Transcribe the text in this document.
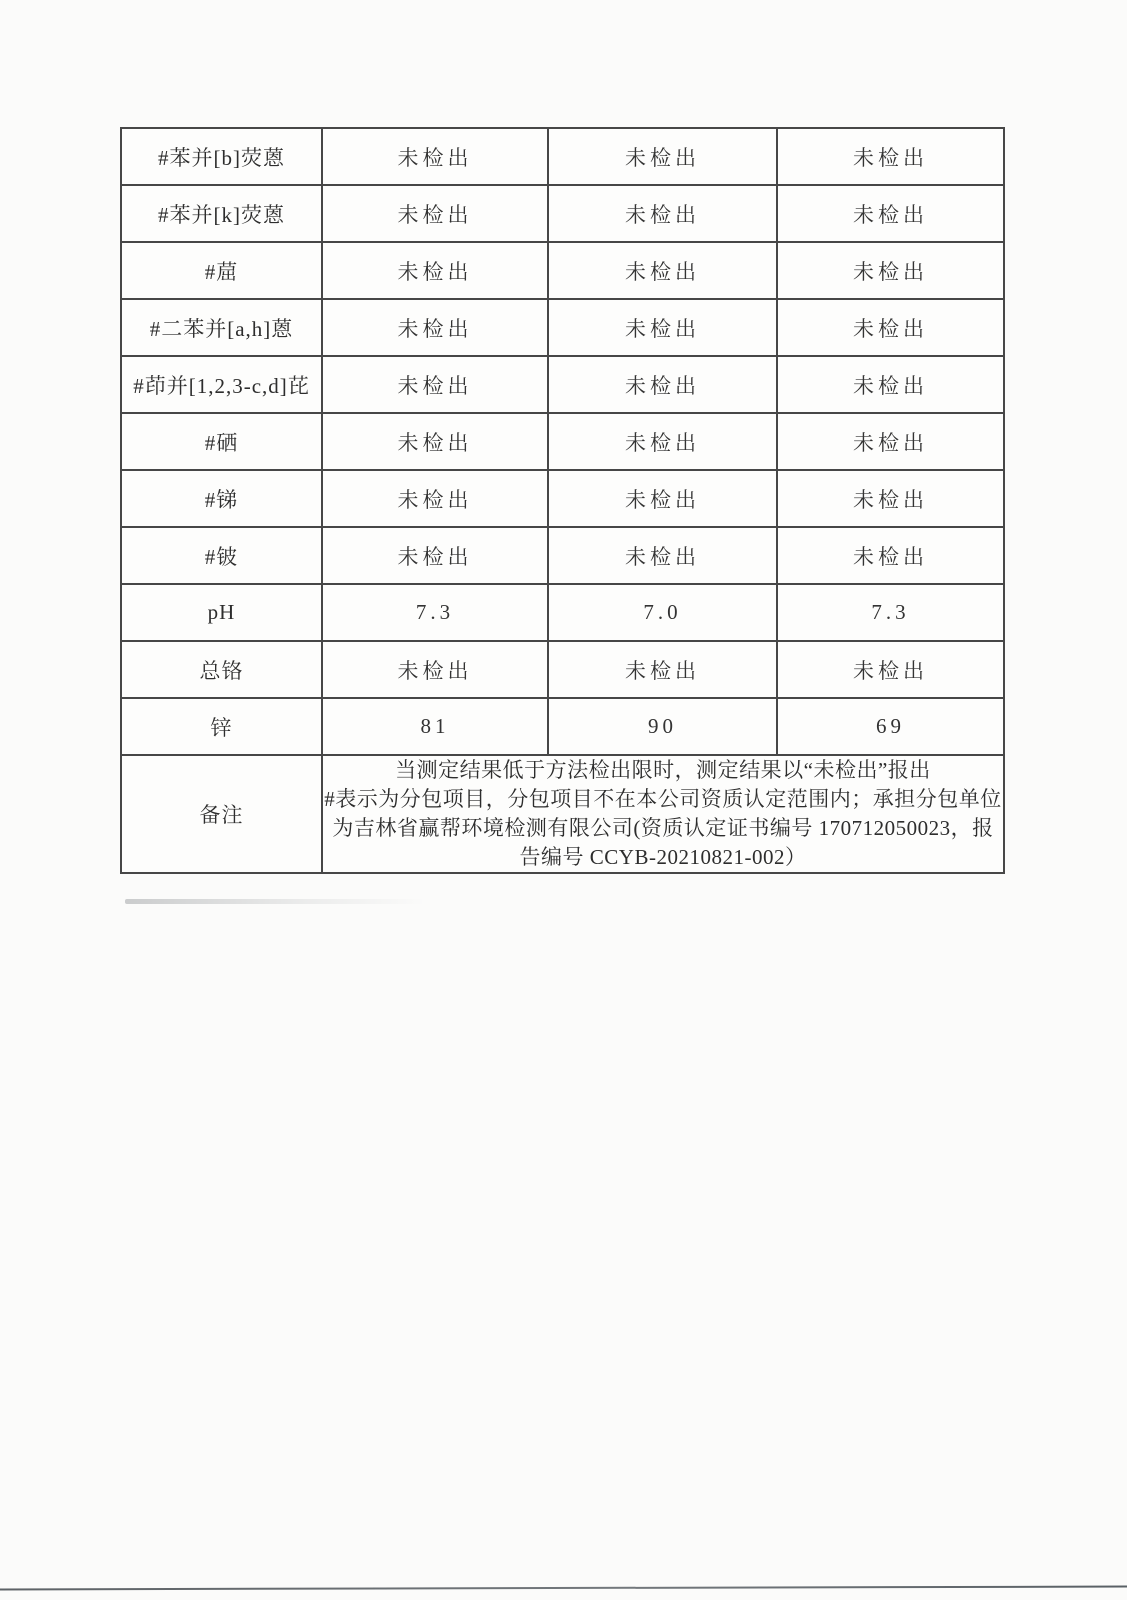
#苯并[b]荧蒽	未检出	未检出	未检出
#苯并[k]荧蒽	未检出	未检出	未检出
#䓛	未检出	未检出	未检出
#二苯并[a,h]蒽	未检出	未检出	未检出
#茚并[1,2,3-c,d]芘	未检出	未检出	未检出
#硒	未检出	未检出	未检出
#锑	未检出	未检出	未检出
#铍	未检出	未检出	未检出
pH	7.3	7.0	7.3
总铬	未检出	未检出	未检出
锌	81	90	69
备注	当测定结果低于方法检出限时，测定结果以“未检出”报出
#表示为分包项目，分包项目不在本公司资质认定范围内；承担分包单位为吉林省赢帮环境检测有限公司(资质认定证书编号 170712050023，报告编号 CCYB-20210821-002）		
